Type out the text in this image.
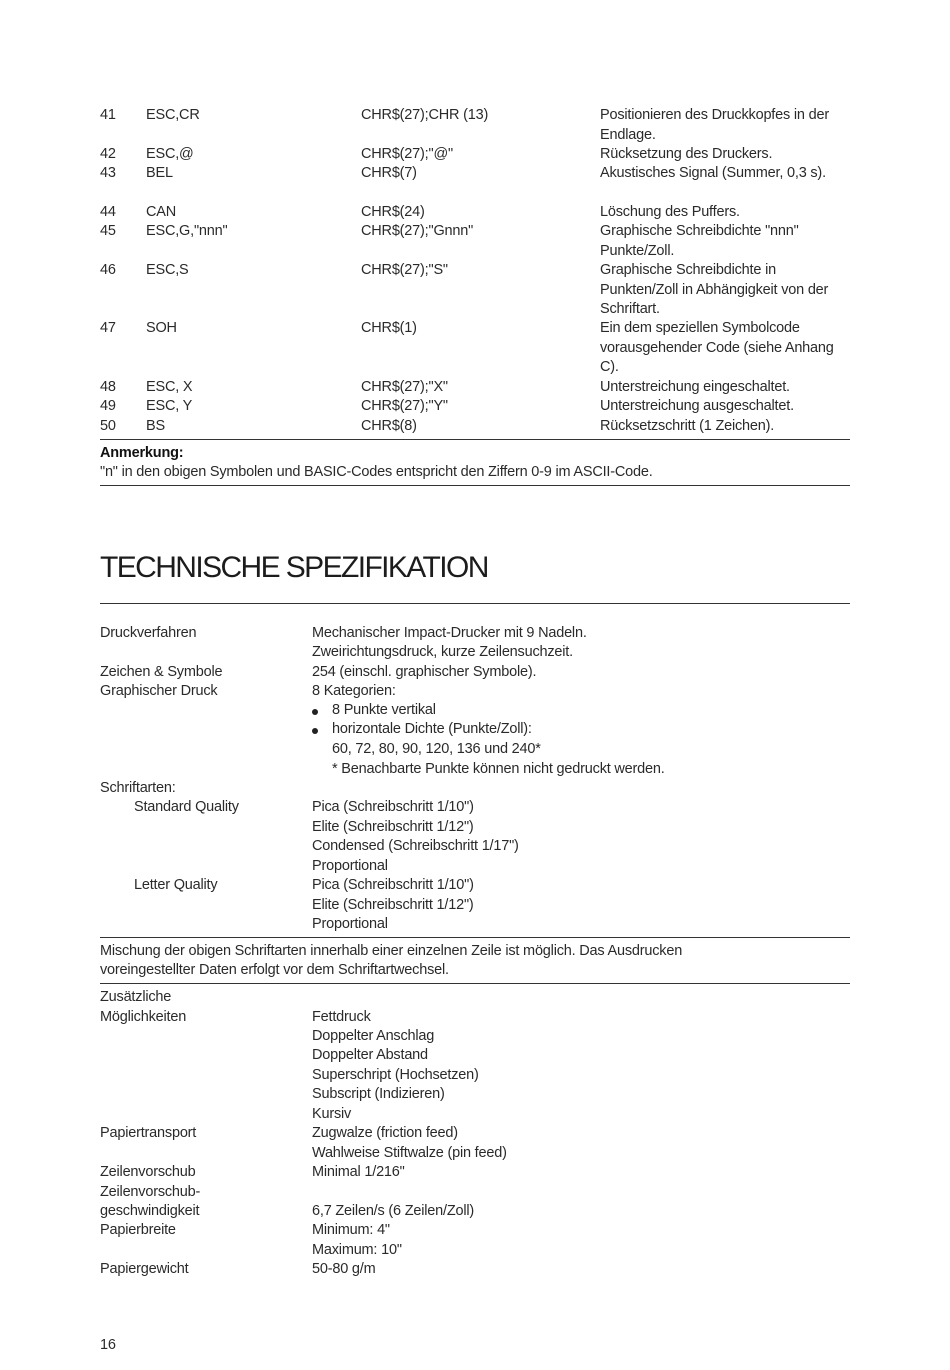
41 ESC,CR	CHR$(27);CHR (13)	Positionieren des Druckkopfes in der Endlage.
42 ESC,@	CHR$(27);"@"	Rücksetzung des Druckers.
43 BEL	CHR$(7)	Akustisches Signal (Summer, 0,3 s).
44 CAN	CHR$(24)	Löschung des Puffers.
45 ESC,G,"nnn"	CHR$(27);"Gnnn"	Graphische Schreibdichte "nnn" Punkte/Zoll.
46 ESC,S	CHR$(27);"S"	Graphische Schreibdichte in Punkten/Zoll in Abhängigkeit von der Schriftart.
47 SOH	CHR$(1)	Ein dem speziellen Symbolcode vorausgehender Code (siehe Anhang C).
48 ESC, X	CHR$(27);"X"	Unterstreichung eingeschaltet.
49 ESC, Y	CHR$(27);"Y"	Unterstreichung ausgeschaltet.
50 BS	CHR$(8)	Rücksetzschritt (1 Zeichen).
Anmerkung:
"n" in den obigen Symbolen und BASIC-Codes entspricht den Ziffern 0-9 im ASCII-Code.
TECHNISCHE SPEZIFIKATION
Druckverfahren	Mechanischer Impact-Drucker mit 9 Nadeln.
Zweirichtungsdruck, kurze Zeilensuchzeit.
Zeichen & Symbole	254 (einschl. graphischer Symbole).
Graphischer Druck	8 Kategorien:
8 Punkte vertikal
horizontale Dichte (Punkte/Zoll):
60, 72, 80, 90, 120, 136 und 240*
* Benachbarte Punkte können nicht gedruckt werden.
Schriftarten:
Standard Quality	Pica (Schreibschritt 1/10")
Elite (Schreibschritt 1/12")
Condensed (Schreibschritt 1/17")
Proportional
Letter Quality	Pica (Schreibschritt 1/10")
Elite (Schreibschritt 1/12")
Proportional
Mischung der obigen Schriftarten innerhalb einer einzelnen Zeile ist möglich. Das Ausdrucken
voreingestellter Daten erfolgt vor dem Schriftartwechsel.
Zusätzliche
Möglichkeiten	Fettdruck
Doppelter Anschlag
Doppelter Abstand
Superschript (Hochsetzen)
Subscript (Indizieren)
Kursiv
Papiertransport	Zugwalze (friction feed)
Wahlweise Stiftwalze (pin feed)
Zeilenvorschub	Minimal 1/216"
Zeilenvorschub-
geschwindigkeit	6,7 Zeilen/s (6 Zeilen/Zoll)
Papierbreite	Minimum: 4"
Maximum: 10"
Papiergewicht	50-80 g/m
16
